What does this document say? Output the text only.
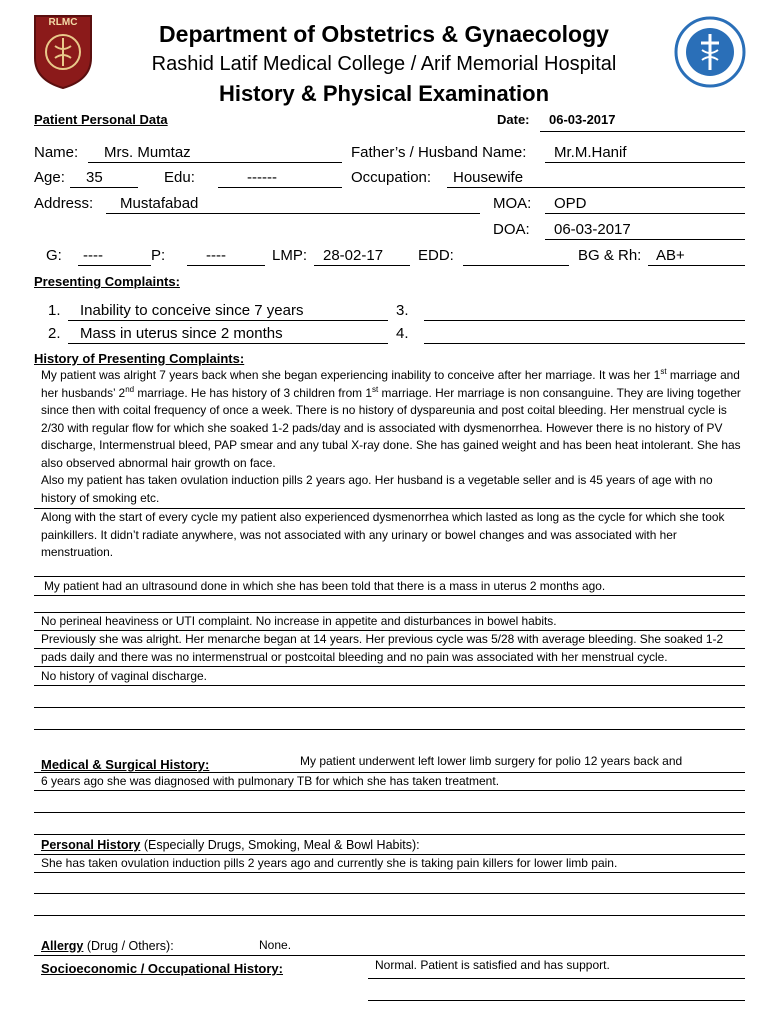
RLMC	Department of Obstetrics & Gynaecology
Rashid Latif Medical College / Arif Memorial Hospital
History & Physical Examination
Patient Personal Data	Date: 06-03-2017
Name: Mrs. Mumtaz	Father’s / Husband Name: Mr.M.Hanif
Age: 35	Edu:	------	Occupation: Housewife
Address: Mustafabad	MOA: OPD
DOA: 06-03-2017
G: ----	P:	----	LMP: 28-02-17 EDD:	BG & Rh: AB+
Presenting Complaints:
1. Inability to conceive since 7 years	3.
2. Mass in uterus since 2 months	4.
History of Presenting Complaints:
My patient was alright 7 years back when she began experiencing inability to conceive after her marriage. It was her 1st marriage and her husbands’ 2nd marriage. He has history of 3 children from 1st marriage. Her marriage is non consanguine. They are living together since then with coital frequency of once a week. There is no history of dyspareunia and post coital bleeding. Her menstrual cycle is 2/30 with regular flow for which she soaked 1-2 pads/day and is associated with dysmenorrhea. However there is no history of PV discharge, Intermenstrual bleed, PAP smear and any tubal X-ray done. She has gained weight and has been heat intolerant. She has also observed abnormal hair growth on face.
Also my patient has taken ovulation induction pills 2 years ago. Her husband is a vegetable seller and is 45 years of age with no history of smoking etc.
Along with the start of every cycle my patient also experienced dysmenorrhea which lasted as long as the cycle for which she took painkillers. It didn’t radiate anywhere, was not associated with any urinary or bowel changes and was associated with her menstruation.
My patient had an ultrasound done in which she has been told that there is a mass in uterus 2 months ago.
No perineal heaviness or UTI complaint. No increase in appetite and disturbances in bowel habits.
Previously she was alright. Her menarche began at 14 years. Her previous cycle was 5/28 with average bleeding. She soaked 1-2 pads daily and there was no intermenstrual or postcoital bleeding and no pain was associated with her menstrual cycle.
No history of vaginal discharge.
Medical & Surgical History:	My patient underwent left lower limb surgery for polio 12 years back and
6 years ago she was diagnosed with pulmonary TB for which she has taken treatment.
Personal History (Especially Drugs, Smoking, Meal & Bowl Habits):
She has taken ovulation induction pills 2 years ago and currently she is taking pain killers for lower limb pain.
Allergy (Drug / Others):	None.
Socioeconomic / Occupational History:	Normal. Patient is satisfied and has support.
